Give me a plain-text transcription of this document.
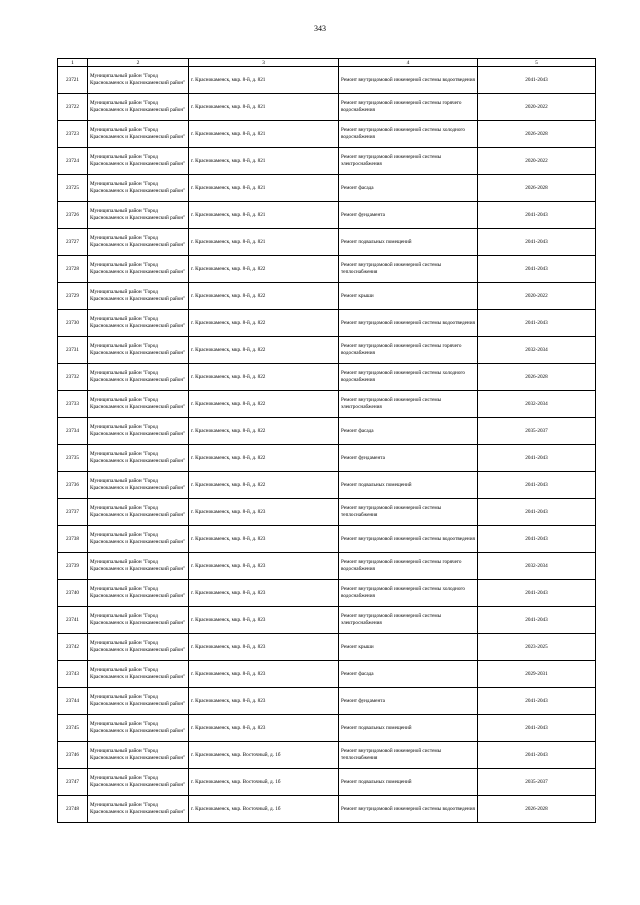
343
1	2	3	4	5
23721	Муниципальный район "Город Краснокаменск и Краснокаменский район"	г. Краснокаменск, мкр. 8-й, д. 821	Ремонт внутридомовой инженерной системы водоотведения	2041-2043
23722	Муниципальный район "Город Краснокаменск и Краснокаменский район"	г. Краснокаменск, мкр. 8-й, д. 821	Ремонт внутридомовой инженерной системы горячего водоснабжения	2020-2022
23723	Муниципальный район "Город Краснокаменск и Краснокаменский район"	г. Краснокаменск, мкр. 8-й, д. 821	Ремонт внутридомовой инженерной системы холодного водоснабжения	2026-2028
23724	Муниципальный район "Город Краснокаменск и Краснокаменский район"	г. Краснокаменск, мкр. 8-й, д. 821	Ремонт внутридомовой инженерной системы электроснабжения	2020-2022
23725	Муниципальный район "Город Краснокаменск и Краснокаменский район"	г. Краснокаменск, мкр. 8-й, д. 821	Ремонт фасада	2026-2028
23726	Муниципальный район "Город Краснокаменск и Краснокаменский район"	г. Краснокаменск, мкр. 8-й, д. 821	Ремонт фундамента	2041-2043
23727	Муниципальный район "Город Краснокаменск и Краснокаменский район"	г. Краснокаменск, мкр. 8-й, д. 821	Ремонт подвальных помещений	2041-2043
23728	Муниципальный район "Город Краснокаменск и Краснокаменский район"	г. Краснокаменск, мкр. 8-й, д. 822	Ремонт внутридомовой инженерной системы теплоснабжения	2041-2043
23729	Муниципальный район "Город Краснокаменск и Краснокаменский район"	г. Краснокаменск, мкр. 8-й, д. 822	Ремонт крыши	2020-2022
23730	Муниципальный район "Город Краснокаменск и Краснокаменский район"	г. Краснокаменск, мкр. 8-й, д. 822	Ремонт внутридомовой инженерной системы водоотведения	2041-2043
23731	Муниципальный район "Город Краснокаменск и Краснокаменский район"	г. Краснокаменск, мкр. 8-й, д. 822	Ремонт внутридомовой инженерной системы горячего водоснабжения	2032-2034
23732	Муниципальный район "Город Краснокаменск и Краснокаменский район"	г. Краснокаменск, мкр. 8-й, д. 822	Ремонт внутридомовой инженерной системы холодного водоснабжения	2026-2028
23733	Муниципальный район "Город Краснокаменск и Краснокаменский район"	г. Краснокаменск, мкр. 8-й, д. 822	Ремонт внутридомовой инженерной системы электроснабжения	2032-2034
23734	Муниципальный район "Город Краснокаменск и Краснокаменский район"	г. Краснокаменск, мкр. 8-й, д. 822	Ремонт фасада	2035-2037
23735	Муниципальный район "Город Краснокаменск и Краснокаменский район"	г. Краснокаменск, мкр. 8-й, д. 822	Ремонт фундамента	2041-2043
23736	Муниципальный район "Город Краснокаменск и Краснокаменский район"	г. Краснокаменск, мкр. 8-й, д. 822	Ремонт подвальных помещений	2041-2043
23737	Муниципальный район "Город Краснокаменск и Краснокаменский район"	г. Краснокаменск, мкр. 8-й, д. 823	Ремонт внутридомовой инженерной системы теплоснабжения	2041-2043
23738	Муниципальный район "Город Краснокаменск и Краснокаменский район"	г. Краснокаменск, мкр. 8-й, д. 823	Ремонт внутридомовой инженерной системы водоотведения	2041-2043
23739	Муниципальный район "Город Краснокаменск и Краснокаменский район"	г. Краснокаменск, мкр. 8-й, д. 823	Ремонт внутридомовой инженерной системы горячего водоснабжения	2032-2034
23740	Муниципальный район "Город Краснокаменск и Краснокаменский район"	г. Краснокаменск, мкр. 8-й, д. 823	Ремонт внутридомовой инженерной системы холодного водоснабжения	2041-2043
23741	Муниципальный район "Город Краснокаменск и Краснокаменский район"	г. Краснокаменск, мкр. 8-й, д. 823	Ремонт внутридомовой инженерной системы электроснабжения	2041-2043
23742	Муниципальный район "Город Краснокаменск и Краснокаменский район"	г. Краснокаменск, мкр. 8-й, д. 823	Ремонт крыши	2023-2025
23743	Муниципальный район "Город Краснокаменск и Краснокаменский район"	г. Краснокаменск, мкр. 8-й, д. 823	Ремонт фасада	2029-2031
23744	Муниципальный район "Город Краснокаменск и Краснокаменский район"	г. Краснокаменск, мкр. 8-й, д. 823	Ремонт фундамента	2041-2043
23745	Муниципальный район "Город Краснокаменск и Краснокаменский район"	г. Краснокаменск, мкр. 8-й, д. 823	Ремонт подвальных помещений	2041-2043
23746	Муниципальный район "Город Краснокаменск и Краснокаменский район"	г. Краснокаменск, мкр. Восточный, д. 1б	Ремонт внутридомовой инженерной системы теплоснабжения	2041-2043
23747	Муниципальный район "Город Краснокаменск и Краснокаменский район"	г. Краснокаменск, мкр. Восточный, д. 1б	Ремонт подвальных помещений	2035-2037
23748	Муниципальный район "Город Краснокаменск и Краснокаменский район"	г. Краснокаменск, мкр. Восточный, д. 1б	Ремонт внутридомовой инженерной системы водоотведения	2026-2028
